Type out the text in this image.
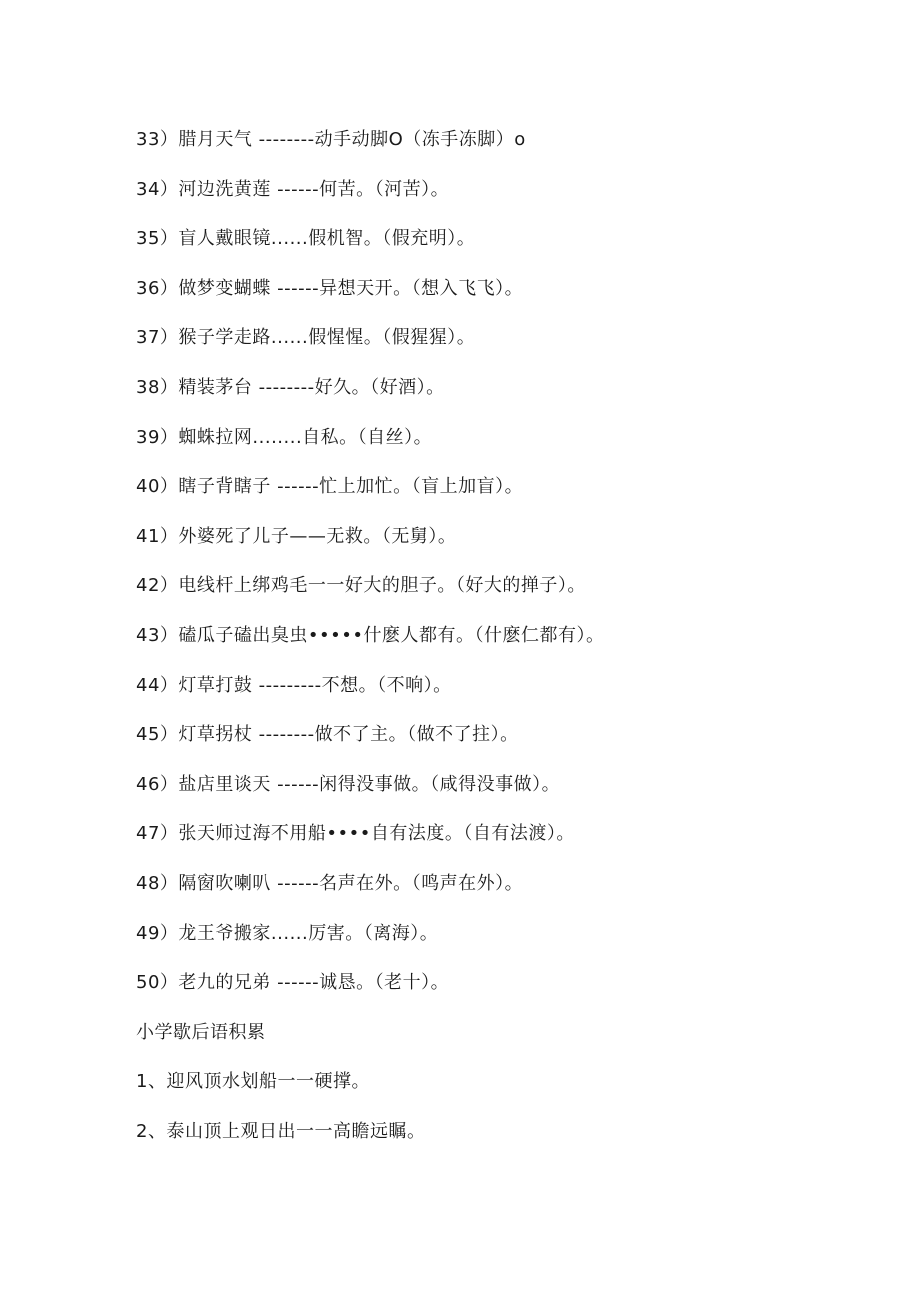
33）腊月天气 --------动手动脚O（冻手冻脚）o
34）河边洗黄莲 ------何苦。（河苦）。
35）盲人戴眼镜......假机智。（假充明）。
36）做梦变蝴蝶 ------异想天开。（想入飞飞）。
37）猴子学走路......假惺惺。（假猩猩）。
38）精装茅台 --------好久。（好酒）。
39）蜘蛛拉网........自私。（自丝）。
40）瞎子背瞎子 ------忙上加忙。（盲上加盲）。
41）外婆死了儿子——无救。（无舅）。
42）电线杆上绑鸡毛一一好大的胆子。（好大的掸子）。
43）磕瓜子磕出臭虫•••••什麽人都有。（什麽仁都有）。
44）灯草打鼓 ---------不想。（不响）。
45）灯草拐杖 --------做不了主。（做不了拄）。
46）盐店里谈天 ------闲得没事做。（咸得没事做）。
47）张天师过海不用船••••自有法度。（自有法渡）。
48）隔窗吹喇叭 ------名声在外。（鸣声在外）。
49）龙王爷搬家......厉害。（离海）。
50）老九的兄弟 ------诚恳。（老十）。
小学歇后语积累
1、迎风顶水划船一一硬撑。
2、泰山顶上观日出一一高瞻远瞩。
